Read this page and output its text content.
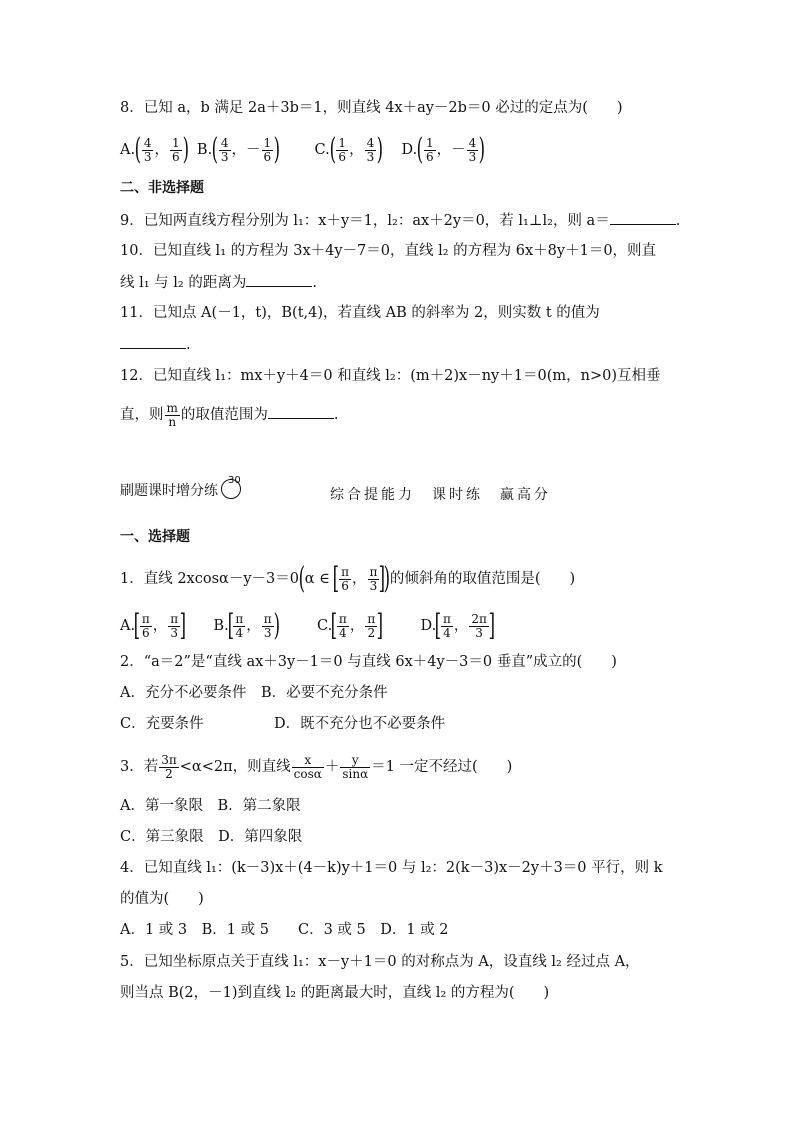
8．已知 a，b 满足 2a＋3b＝1，则直线 4x＋ay－2b＝0 必过的定点为(　　)
$A.( \frac{4}{3}$ ， $\frac{1}{6}$ ) $B.( \frac{4}{3}$ ，－ $\frac{1}{6}$ ) $C.( \frac{1}{6}$ ， $\frac{4}{3}$ ) $D.( \frac{1}{6}$ ，－ $\frac{4}{3}$ )
二、非选择题
9．已知两直线方程分别为 l₁：x＋y＝1，l₂：ax＋2y＝0，若 l₁⊥l₂，则 a＝	.
10．已知直线 l₁ 的方程为 3x＋4y－7＝0，直线 l₂ 的方程为 6x＋8y＋1＝0，则直
线 l₁ 与 l₂ 的距离为	.
11．已知点 A(－1，t)，B(t,4)，若直线 AB 的斜率为 2，则实数 t 的值为
.
12．已知直线 l₁：mx＋y＋4＝0 和直线 l₂：(m＋2)x－ny＋1＝0(m，n>0)互相垂
直，则 $\frac{m}{n}$ 的取值范围为	.
刷题课时增分练
30
综合提能力　课时练　赢高分
一、选择题
1．直线 2xcosα－y－3＝0(α ∈ [ $\frac{\pi}{6}$ ， $\frac{\pi}{3}$ ])的倾斜角的取值范围是(　　)
$A.[ \frac{\pi}{6}$ ， $\frac{\pi}{3}$ ] $B.[ \frac{\pi}{4}$ ， $\frac{\pi}{3}$ )	$C.[ \frac{\pi}{4}$ ， $\frac{\pi}{2}$ ]	$D.[ \frac{\pi}{4}$ ， $\frac{2\pi}{3}$ ]
2．“a＝2”是“直线 ax＋3y－1＝0 与直线 6x＋4y－3＝0 垂直”成立的(　　)
A．充分不必要条件　 B．必要不充分条件
C．充要条件	D．既不充分也不必要条件
3．若 $\frac{3\pi}{2} <\alpha<2\pi$，则直线 $\frac{x}{\cos\alpha} + \frac{y}{\sin\alpha} =1$ 一定不经过(　　)
A．第一象限　 B．第二象限
C．第三象限　 D．第四象限
4．已知直线 l₁：(k－3)x＋(4－k)y＋1＝0 与 l₂：2(k－3)x－2y＋3＝0 平行，则 k
的值为(　　)
A．1 或 3　 B．1 或 5　　 C．3 或 5　 D．1 或 2
5．已知坐标原点关于直线 l₁：x－y＋1＝0 的对称点为 A，设直线 l₂ 经过点 A，
则当点 B(2，－1)到直线 l₂ 的距离最大时，直线 l₂ 的方程为(　　)
